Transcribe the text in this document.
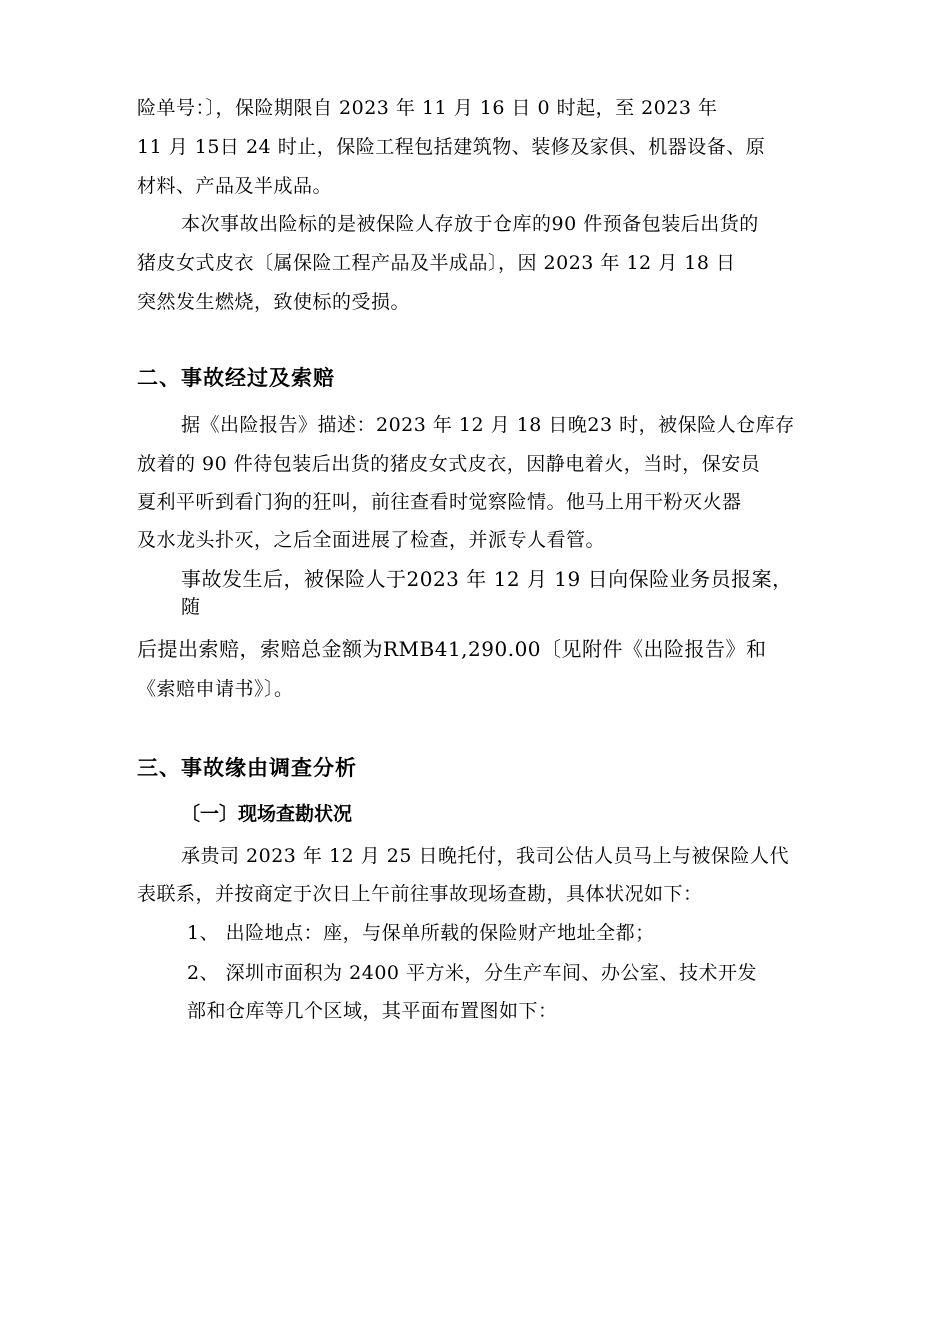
险单号：〕，保险期限自 2023 年 11 月 16 日 0 时起，至 2023 年
11 月 15日 24 时止，保险工程包括建筑物、装修及家俱、机器设备、原
材料、产品及半成品。
本次事故出险标的是被保险人存放于仓库的90 件预备包装后出货的
猪皮女式皮衣〔属保险工程产品及半成品〕，因 2023 年 12 月 18 日
突然发生燃烧，致使标的受损。
二、事故经过及索赔
据《出险报告》描述：2023 年 12 月 18 日晚23 时，被保险人仓库存
放着的 90 件待包装后出货的猪皮女式皮衣，因静电着火，当时，保安员
夏利平听到看门狗的狂叫，前往查看时觉察险情。他马上用干粉灭火器
及水龙头扑灭，之后全面进展了检查，并派专人看管。
事故发生后，被保险人于2023 年 12 月 19 日向保险业务员报案，
随
后提出索赔，索赔总金额为RMB41,290.00〔见附件《出险报告》和
《索赔申请书》〕。
三、事故缘由调查分析
〔一〕现场查勘状况
承贵司 2023 年 12 月 25 日晚托付，我司公估人员马上与被保险人代
表联系，并按商定于次日上午前往事故现场查勘，具体状况如下：
1、 出险地点：座，与保单所载的保险财产地址全都；
2、 深圳市面积为 2400 平方米，分生产车间、办公室、技术开发
部和仓库等几个区域，其平面布置图如下：
